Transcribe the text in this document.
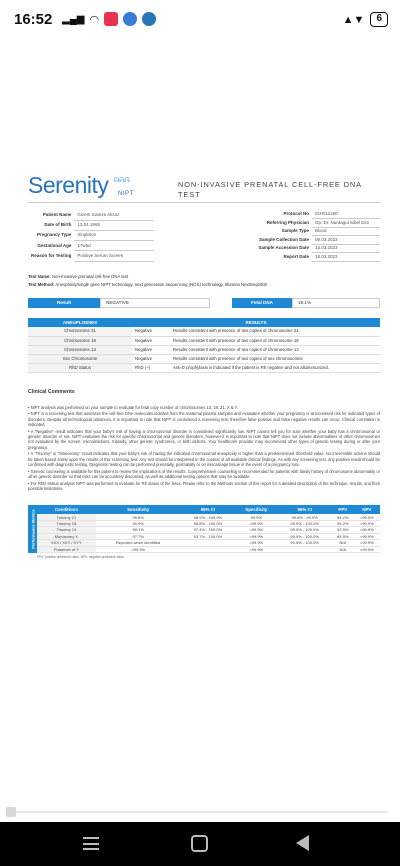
16:52 ▂▄▆ ◠	▲▼	6
Serenity ᕱᕱᕱ
NIPT
NON-INVASIVE PRENATAL CELL-FREE DNA TEST
Patient Name	Gizem Gamze Aksoz
Date of Birth	13.04.1995
Pregnancy Type	Singleton
Gestational Age	17w5d
Reason for Testing	Positive Serum Screen
Protocol No	IGH011260
Referring Physician	Op. Dr. Nurdagul Sibel Esti
Sample Type	Blood
Sample Collection Date	08.03.2023
Sample Accession Date	13.03.2023
Report Date	18.03.2023
Test Name: Non-invasive prenatal cell-free DNA test
Test Method: Aneuploidy/single gene NIPT technology, next generation sequencing (NGS) technology, Illumina NextSeq2000
Result	NEGATIVE	Fetal DNA	19.1%
ANEUPLOIDIES	RESULTS	
Chromosome 21	Negative	Results consistent with presence of two copies of chromosome 21
Chromosome 18	Negative	Results consistent with presence of two copies of chromosome 18
Chromosome 13	Negative	Results consistent with presence of two copies of chromosome 13
Sex Chromosome	Negative	Results consistent with presence of two copies of sex chromosomes
RhD Status	RhD (+)	Anti-D prophylaxis is indicated if the patient is Rh negative and not alloimmunized.
Clinical Comments

• NIPT analysis was performed on your sample to evaluate for fetal copy number of chromosomes 13, 18, 21, X & Y.

• NIPT is a screening test that assesses the cell-free DNA molecules isolated from the maternal plasma samples and evaluates whether your pregnancy is at increased risk for indicated types of disorders. Despite all technological advances, it is important to note that NIPT is considered a screening test, therefore false positive and false negative results can occur. Clinical correlation is indicated.

• A "Negative" result indicates that your baby's risk of having a chromosomal disorder is considered significantly low. NIPT cannot tell you for sure whether your baby has a chromosomal or genetic disorder or not. NIPT evaluates the risk for specific chromosomal and genetic disorders, however it is important to note that NIPT does not include abnormalities of other chromosomes not evaluated by the screen, microdeletions, triploidy, other genetic syndromes, or birth defects. Your healthcare provider may recommend other types of genetic testing during or after your pregnancy.

• A "Trisomy" or "Monosomy" result indicates that your baby's risk of having the indicated chromosomal aneuploidy is higher than a predetermined threshold value. No irreversible actions should be taken based solely upon the results of this screening test. Any test should be interpreted in the context of all available clinical findings. As with any screening test, any positive result should be confirmed with diagnostic testing. Diagnostic testing can be performed prenatally, postnatally or on miscarriage tissue in the event of a pregnancy loss.

• Genetic counseling is available for this patient to review the implications of the results. Comprehensive counseling is recommended for patients with family history of chromosome abnormality or other genetic disorder so that risks can be accurately discussed, as well as additional testing options that may be available.

• For RhD Status analysis NIPT was performed to evaluate for Rh status of the fetus. Please refer to the Methods section of this report for a detailed description of the technique, results, and their possible limitations.

Performance Metrics	Conditions	Sensitivity	95% CI	Specificity	95% CI	PPV	NPV
Trisomy 21	99.8%	98.9% - 100.0%	99.9%	99.8% - 99.9%	84.2%	>99.9%
Trisomy 18	99.9%	98.8% - 100.0%	>99.9%	99.9% - 100.0%	94.2%	>99.9%
Trisomy 13	99.1%	97.4% - 100.0%	>99.9%	99.9% - 100.0%	52.5%	>99.9%
Monosomy X	97.7%	93.7% - 100.0%	>99.9%	99.9% - 100.0%	85.5%	>99.9%
XXX / XXY / XYY	Reported when identified		>99.9%	99.9% - 100.0%	N/A	>99.9%
Presence of Y	>99.9%		>99.9%		N/A	>99.9%
PPV: positive predictive value, NPV: negative predictive value
